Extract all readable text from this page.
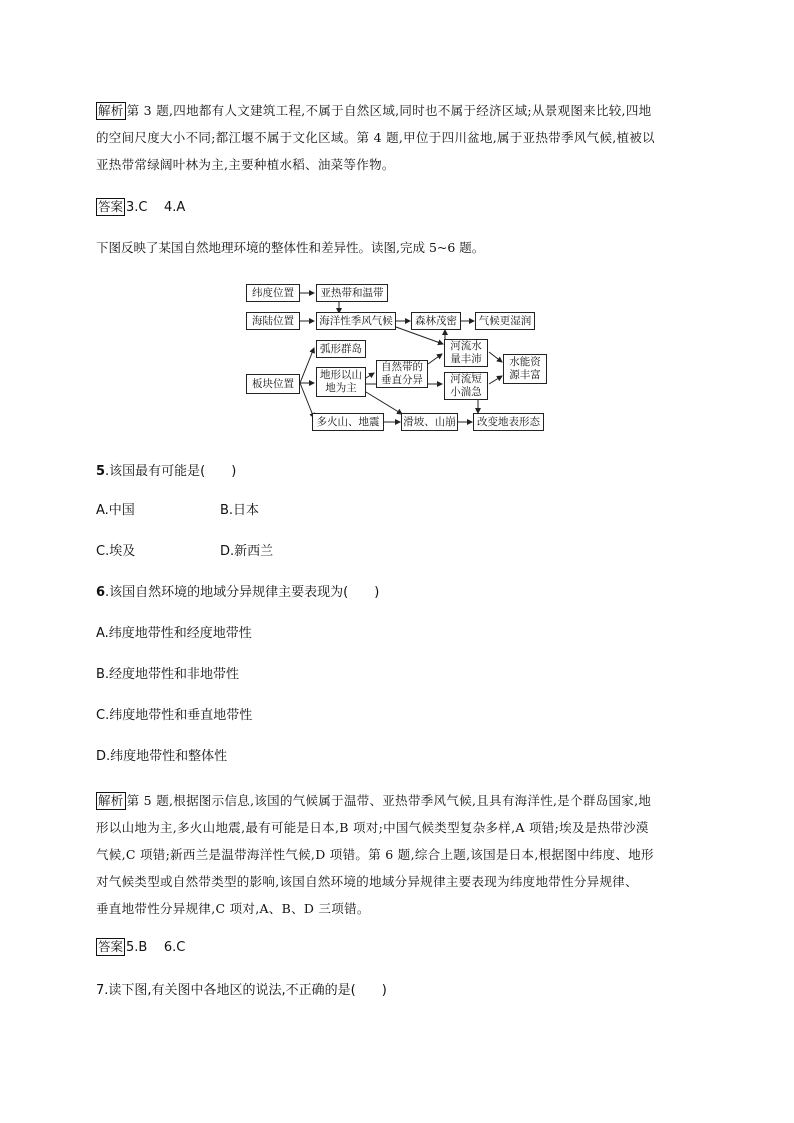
解析 第 3 题,四地都有人文建筑工程,不属于自然区域,同时也不属于经济区域;从景观图来比较,四地
的空间尺度大小不同;都江堰不属于文化区域。第 4 题,甲位于四川盆地,属于亚热带季风气候,植被以
亚热带常绿阔叶林为主,主要种植水稻、油菜等作物。
答案 3.C    4.A
下图反映了某国自然地理环境的整体性和差异性。读图,完成 5~6 题。
纬度位置	亚热带和温带
海陆位置	海洋性季风气候	森林茂密	气候更湿润
河流水
量丰沛	水能资
源丰富
弧形群岛
板块位置
地形以山
地为主
自然带的
垂直分异	河流短
小湍急
多火山、地震	滑坡、山崩	改变地表形态
5.该国最有可能是(　　)
A.中国	B.日本
C.埃及	D.新西兰
6.该国自然环境的地域分异规律主要表现为(　　)
A.纬度地带性和经度地带性
B.经度地带性和非地带性
C.纬度地带性和垂直地带性
D.纬度地带性和整体性
解析 第 5 题,根据图示信息,该国的气候属于温带、亚热带季风气候,且具有海洋性,是个群岛国家,地
形以山地为主,多火山地震,最有可能是日本,B 项对;中国气候类型复杂多样,A 项错;埃及是热带沙漠
气候,C 项错;新西兰是温带海洋性气候,D 项错。第 6 题,综合上题,该国是日本,根据图中纬度、地形
对气候类型或自然带类型的影响,该国自然环境的地域分异规律主要表现为纬度地带性分异规律、
垂直地带性分异规律,C 项对,A、B、D 三项错。
答案 5.B    6.C
7.读下图,有关图中各地区的说法,不正确的是(　　)
